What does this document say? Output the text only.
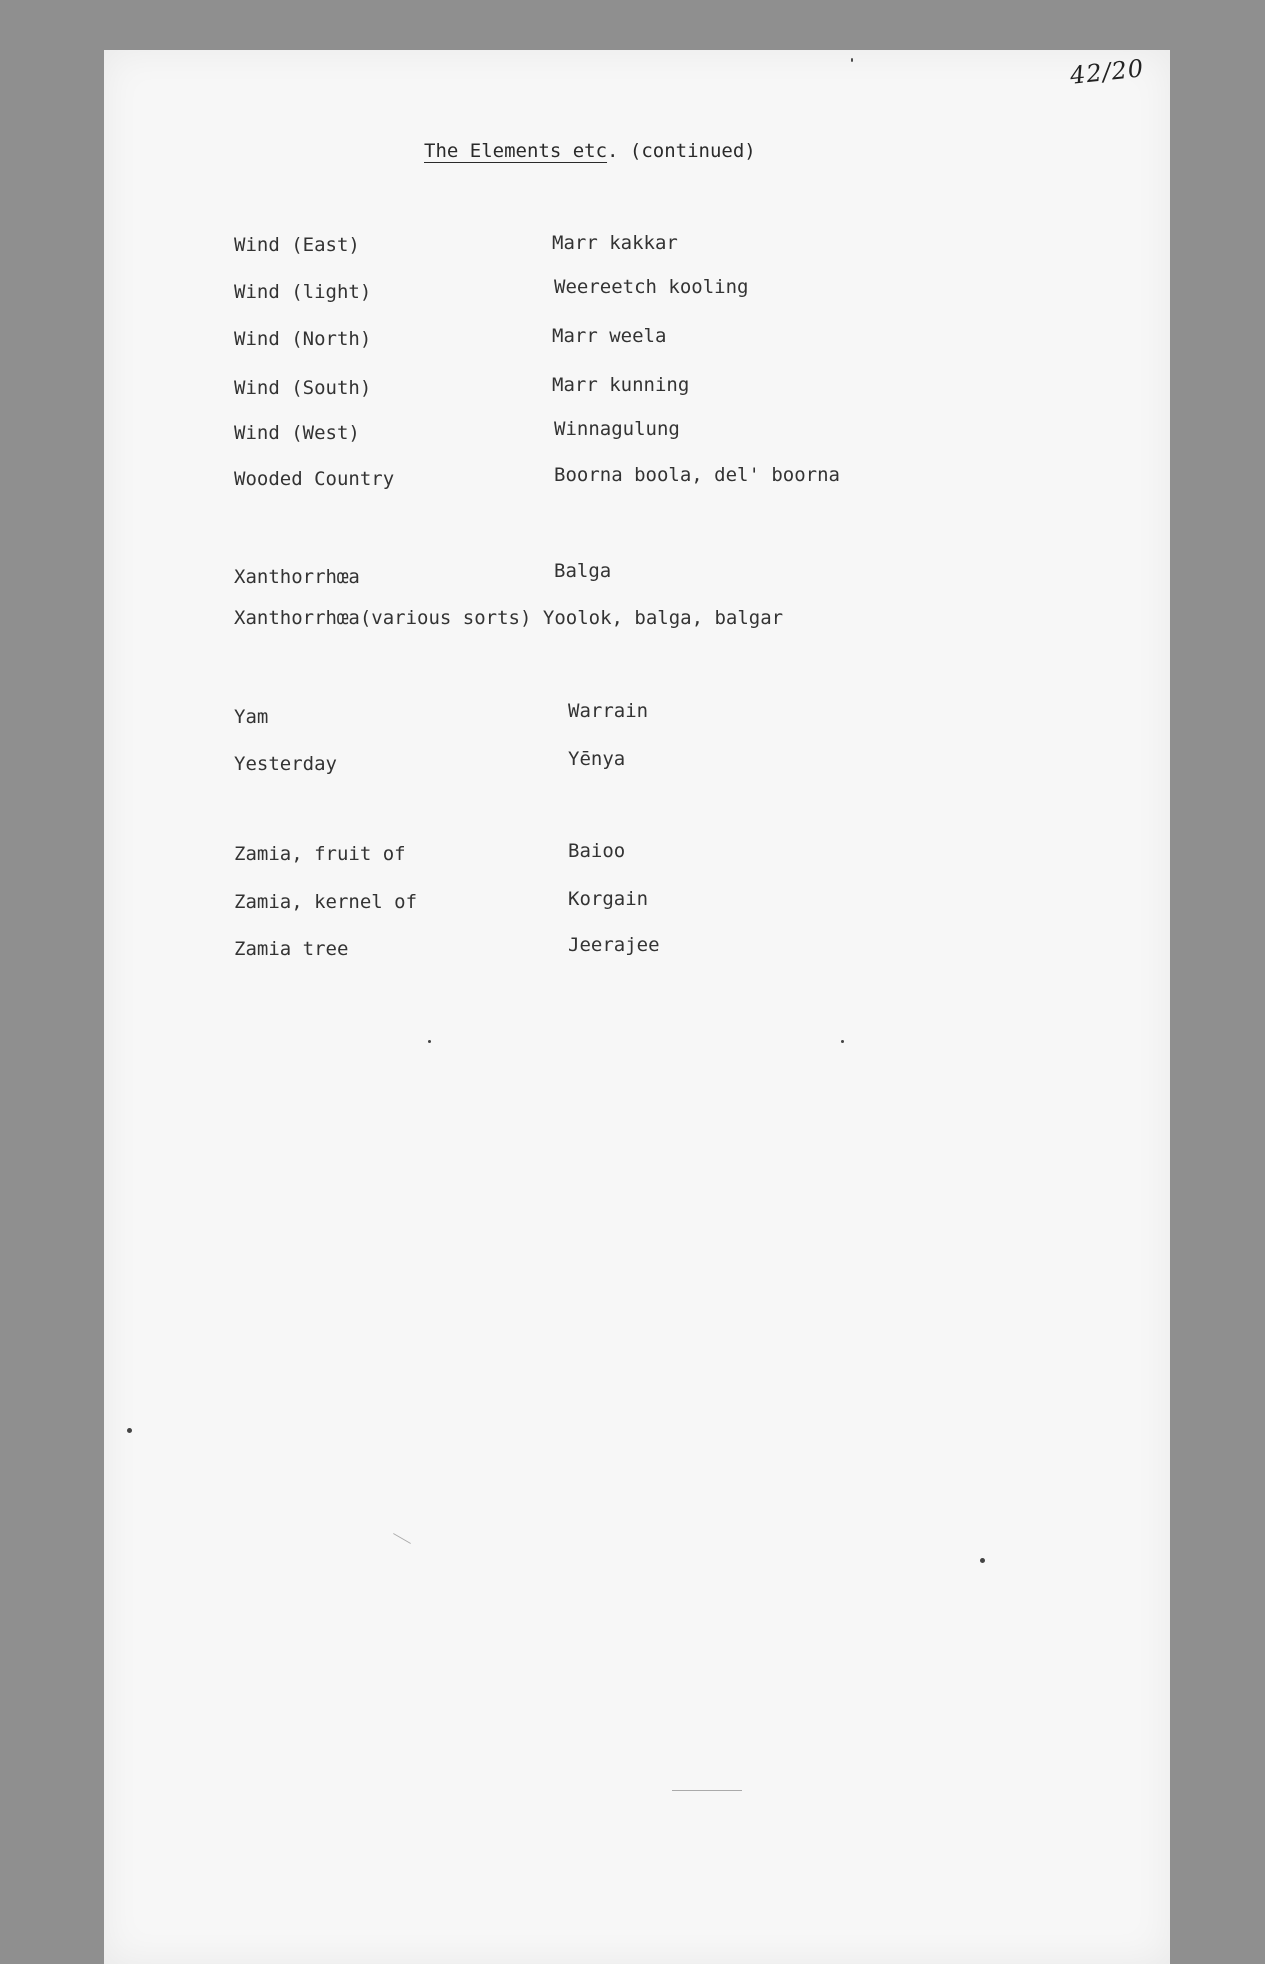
42/20
The Elements etc. (continued)
Wind (East)	Marr kakkar
Wind (light)	Weereetch kooling
Wind (North)	Marr weela
Wind (South)	Marr kunning
Wind (West)	Winnagulung
Wooded Country	Boorna boola, del' boorna
Xanthorrhœa	Balga
Xanthorrhœa(various sorts) Yoolok, balga, balgar
Yam	Warrain
Yesterday	Yēnya
Zamia, fruit of	Baioo
Zamia, kernel of	Korgain
Zamia tree	Jeerajee
